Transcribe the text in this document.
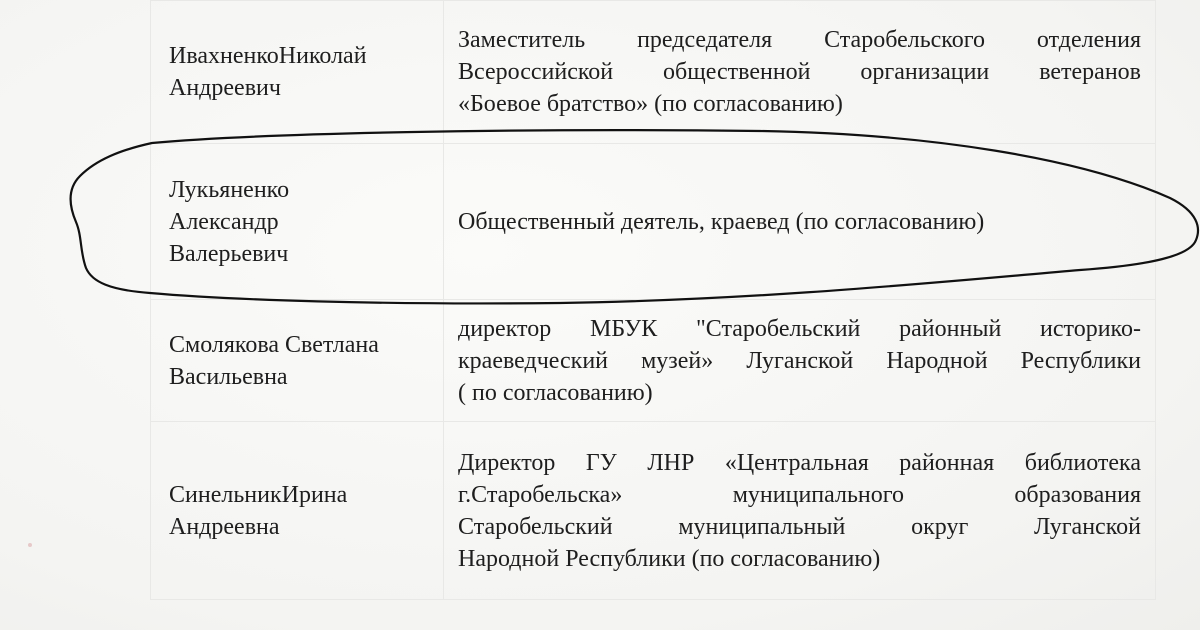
ИвахненкоНиколай
Андреевич	Заместитель председателя Старобельского отделения
Всероссийской общественной организации ветеранов
«Боевое братство» (по согласованию)

Лукьяненко
Александр
Валерьевич	Общественный деятель, краевед (по согласованию)

Смолякова Светлана
Васильевна	директор МБУК "Старобельский районный историко-
краеведческий музей» Луганской Народной Республики
( по согласованию)

СинельникИрина
Андреевна	Директор ГУ ЛНР «Центральная районная библиотека
г.Старобельска» муниципального образования
Старобельский муниципальный округ Луганской
Народной Республики (по согласованию)
